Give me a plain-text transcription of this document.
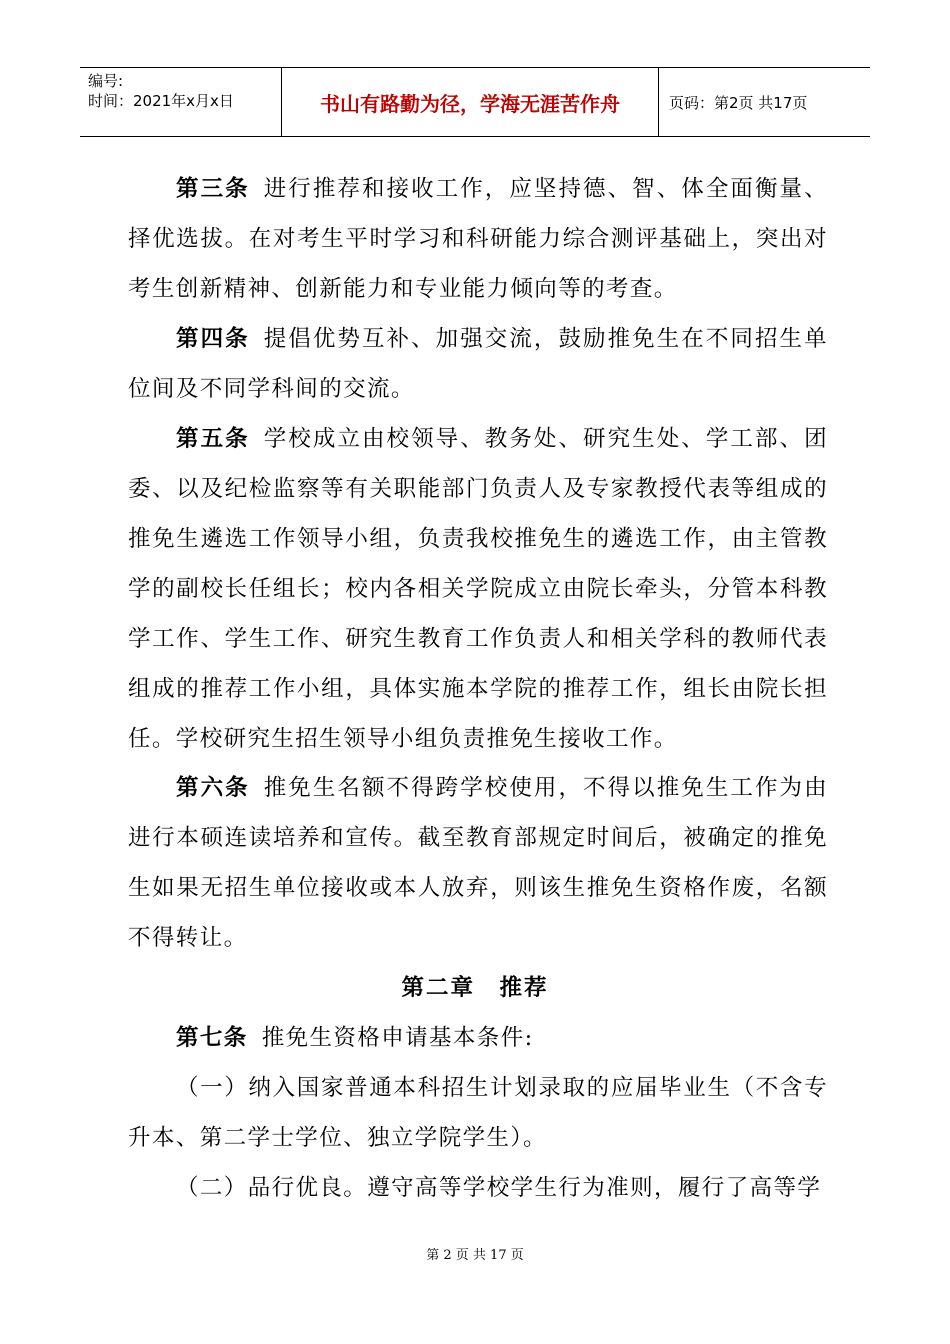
编号:
时间：2021年x月x日	书山有路勤为径，学海无涯苦作舟	页码：第2页 共17页
第三条 进行推荐和接收工作，应坚持德、智、体全面衡量、择优选拔。在对考生平时学习和科研能力综合测评基础上，突出对考生创新精神、创新能力和专业能力倾向等的考查。
第四条 提倡优势互补、加强交流，鼓励推免生在不同招生单位间及不同学科间的交流。
第五条 学校成立由校领导、教务处、研究生处、学工部、团委、以及纪检监察等有关职能部门负责人及专家教授代表等组成的推免生遴选工作领导小组，负责我校推免生的遴选工作，由主管教学的副校长任组长；校内各相关学院成立由院长牵头，分管本科教学工作、学生工作、研究生教育工作负责人和相关学科的教师代表组成的推荐工作小组，具体实施本学院的推荐工作，组长由院长担任。学校研究生招生领导小组负责推免生接收工作。
第六条 推免生名额不得跨学校使用，不得以推免生工作为由进行本硕连读培养和宣传。截至教育部规定时间后，被确定的推免生如果无招生单位接收或本人放弃，则该生推免生资格作废，名额不得转让。
第二章　推荐
第七条 推免生资格申请基本条件:
（一）纳入国家普通本科招生计划录取的应届毕业生（不含专升本、第二学士学位、独立学院学生）。
（二）品行优良。遵守高等学校学生行为准则，履行了高等学
第 2 页 共 17 页
